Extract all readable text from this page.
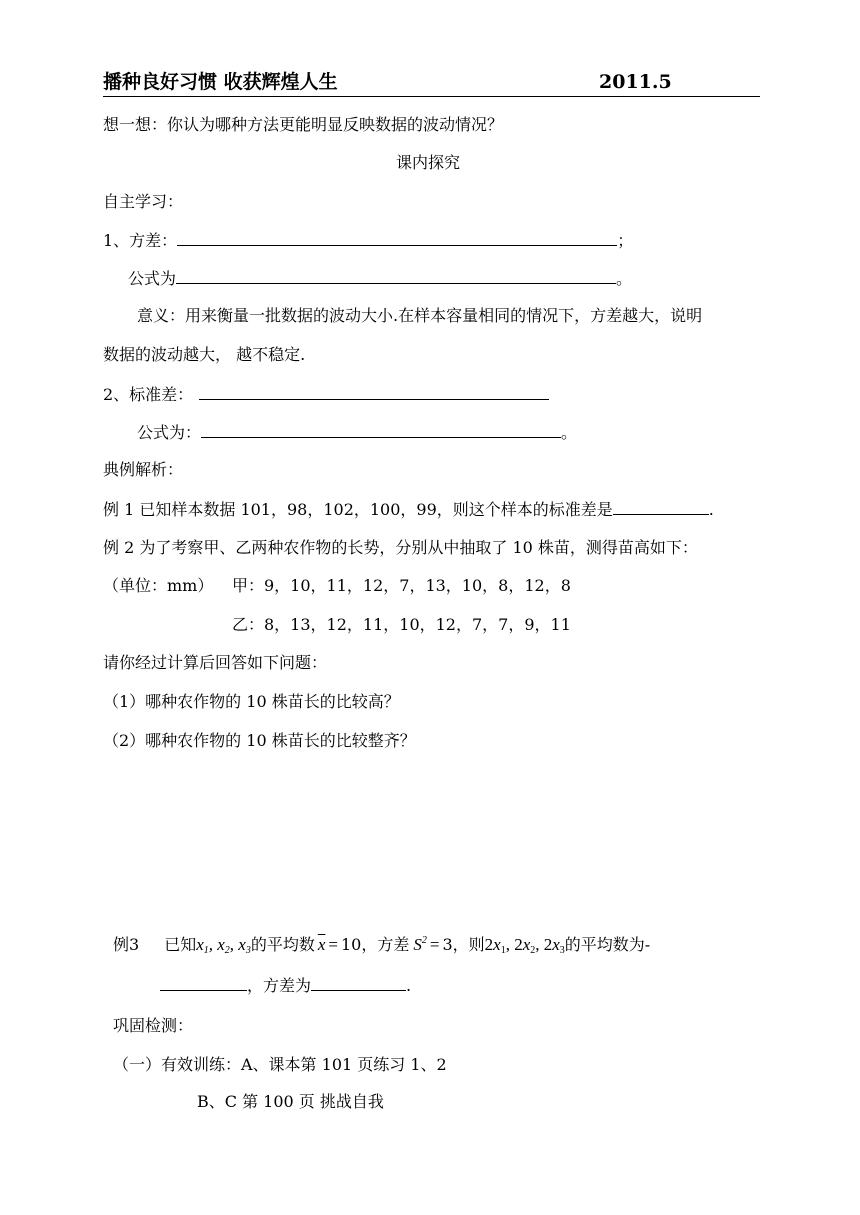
播种良好习惯 收获辉煌人生	2011.5
想一想：你认为哪种方法更能明显反映数据的波动情况？
课内探究
自主学习：
1、方差：	；
公式为	。
意义：用来衡量一批数据的波动大小.在样本容量相同的情况下，方差越大，说明
数据的波动越大， 越不稳定.
2、标准差：
公式为：	。
典例解析：
例 1 已知样本数据 101，98，102，100，99，则这个样本的标准差是	.
例 2 为了考察甲、乙两种农作物的长势，分别从中抽取了 10 株苗，测得苗高如下：
（单位：mm） 甲：9，10，11，12，7，13，10，8，12，8
乙：8，13，12，11，10，12，7，7，9，11
请你经过计算后回答如下问题：
（1）哪种农作物的 10 株苗长的比较高？
（2）哪种农作物的 10 株苗长的比较整齐？
例3 已知$x_1$, $x_2$, $x_3$的平均数 $\overline{x} = 10$，方差 $S^2 = 3$，则$2x_1$, $2x_2$, $2x_3$的平均数为-
，方差为	.
巩固检测：
（一）有效训练：A、课本第 101 页练习 1、2
B、C 第 100 页 挑战自我
